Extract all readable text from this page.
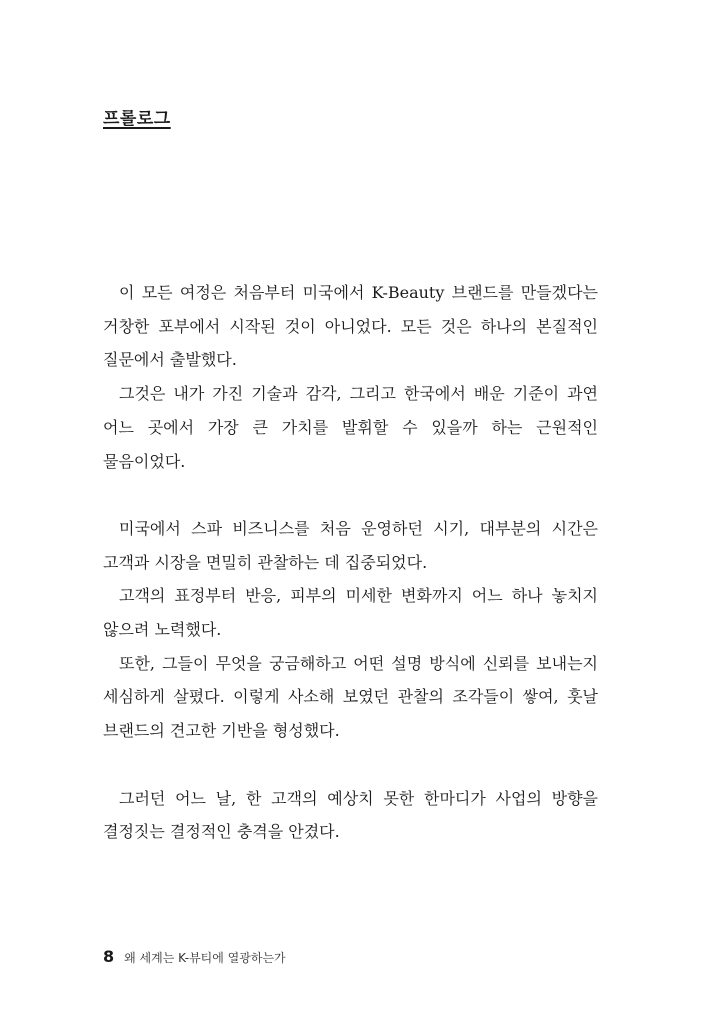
프롤로그

이 모든 여정은 처음부터 미국에서 K-Beauty 브랜드를 만들겠다는 거창한 포부에서 시작된 것이 아니었다. 모든 것은 하나의 본질적인 질문에서 출발했다.

그것은 내가 가진 기술과 감각, 그리고 한국에서 배운 기준이 과연 어느 곳에서 가장 큰 가치를 발휘할 수 있을까 하는 근원적인 물음이었다.

미국에서 스파 비즈니스를 처음 운영하던 시기, 대부분의 시간은 고객과 시장을 면밀히 관찰하는 데 집중되었다.

고객의 표정부터 반응, 피부의 미세한 변화까지 어느 하나 놓치지 않으려 노력했다.

또한, 그들이 무엇을 궁금해하고 어떤 설명 방식에 신뢰를 보내는지 세심하게 살폈다. 이렇게 사소해 보였던 관찰의 조각들이 쌓여, 훗날 브랜드의 견고한 기반을 형성했다.

그러던 어느 날, 한 고객의 예상치 못한 한마디가 사업의 방향을 결정짓는 결정적인 충격을 안겼다.

8 왜 세계는 K-뷰티에 열광하는가
